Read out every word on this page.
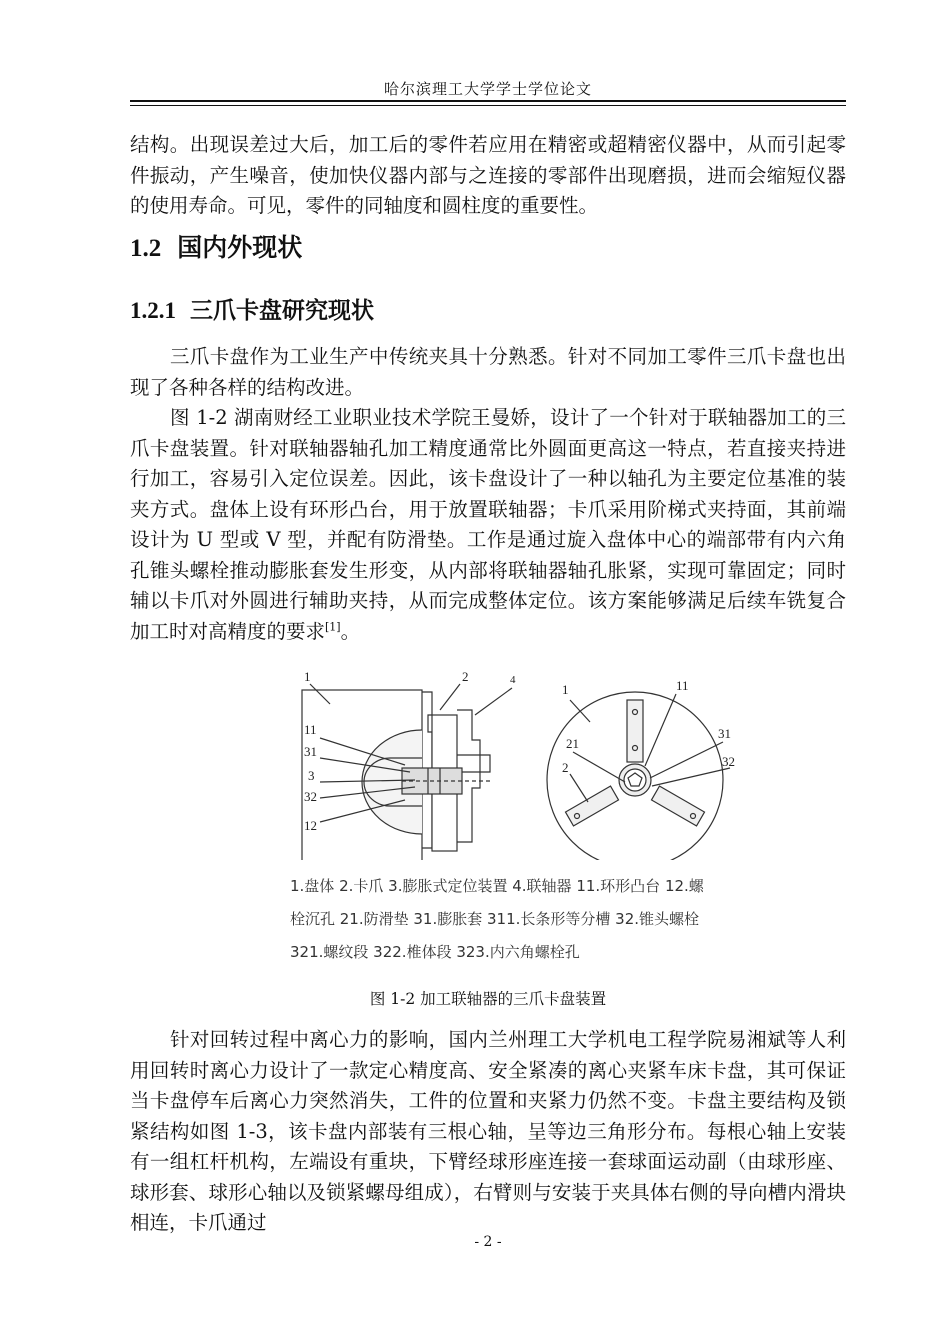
哈尔滨理工大学学士学位论文

结构。出现误差过大后，加工后的零件若应用在精密或超精密仪器中，从而引起零件振动，产生噪音，使加快仪器内部与之连接的零部件出现磨损，进而会缩短仪器的使用寿命。可见，零件的同轴度和圆柱度的重要性。

1.2 国内外现状
1.2.1 三爪卡盘研究现状

三爪卡盘作为工业生产中传统夹具十分熟悉。针对不同加工零件三爪卡盘也出现了各种各样的结构改进。

图 1-2 湖南财经工业职业技术学院王曼娇，设计了一个针对于联轴器加工的三爪卡盘装置。针对联轴器轴孔加工精度通常比外圆面更高这一特点，若直接夹持进行加工，容易引入定位误差。因此，该卡盘设计了一种以轴孔为主要定位基准的装夹方式。盘体上设有环形凸台，用于放置联轴器；卡爪采用阶梯式夹持面，其前端设计为 U 型或 V 型，并配有防滑垫。工作是通过旋入盘体中心的端部带有内六角孔锥头螺栓推动膨胀套发生形变，从内部将联轴器轴孔胀紧，实现可靠固定；同时辅以卡爪对外圆进行辅助夹持，从而完成整体定位。该方案能够满足后续车铣复合加工时对高精度的要求[1]。

1	2	4
11
31
3
32
12
1	11
31
32
21
2
1.盘体 2.卡爪 3.膨胀式定位装置 4.联轴器 11.环形凸台 12.螺
栓沉孔 21.防滑垫 31.膨胀套 311.长条形等分槽 32.锥头螺栓
321.螺纹段 322.椎体段 323.内六角螺栓孔
图 1-2 加工联轴器的三爪卡盘装置

针对回转过程中离心力的影响，国内兰州理工大学机电工程学院易湘斌等人利用回转时离心力设计了一款定心精度高、安全紧凑的离心夹紧车床卡盘，其可保证当卡盘停车后离心力突然消失，工件的位置和夹紧力仍然不变。卡盘主要结构及锁紧结构如图 1-3，该卡盘内部装有三根心轴，呈等边三角形分布。每根心轴上安装有一组杠杆机构，左端设有重块，下臂经球形座连接一套球面运动副（由球形座、球形套、球形心轴以及锁紧螺母组成），右臂则与安装于夹具体右侧的导向槽内滑块相连，卡爪通过

- 2 -
